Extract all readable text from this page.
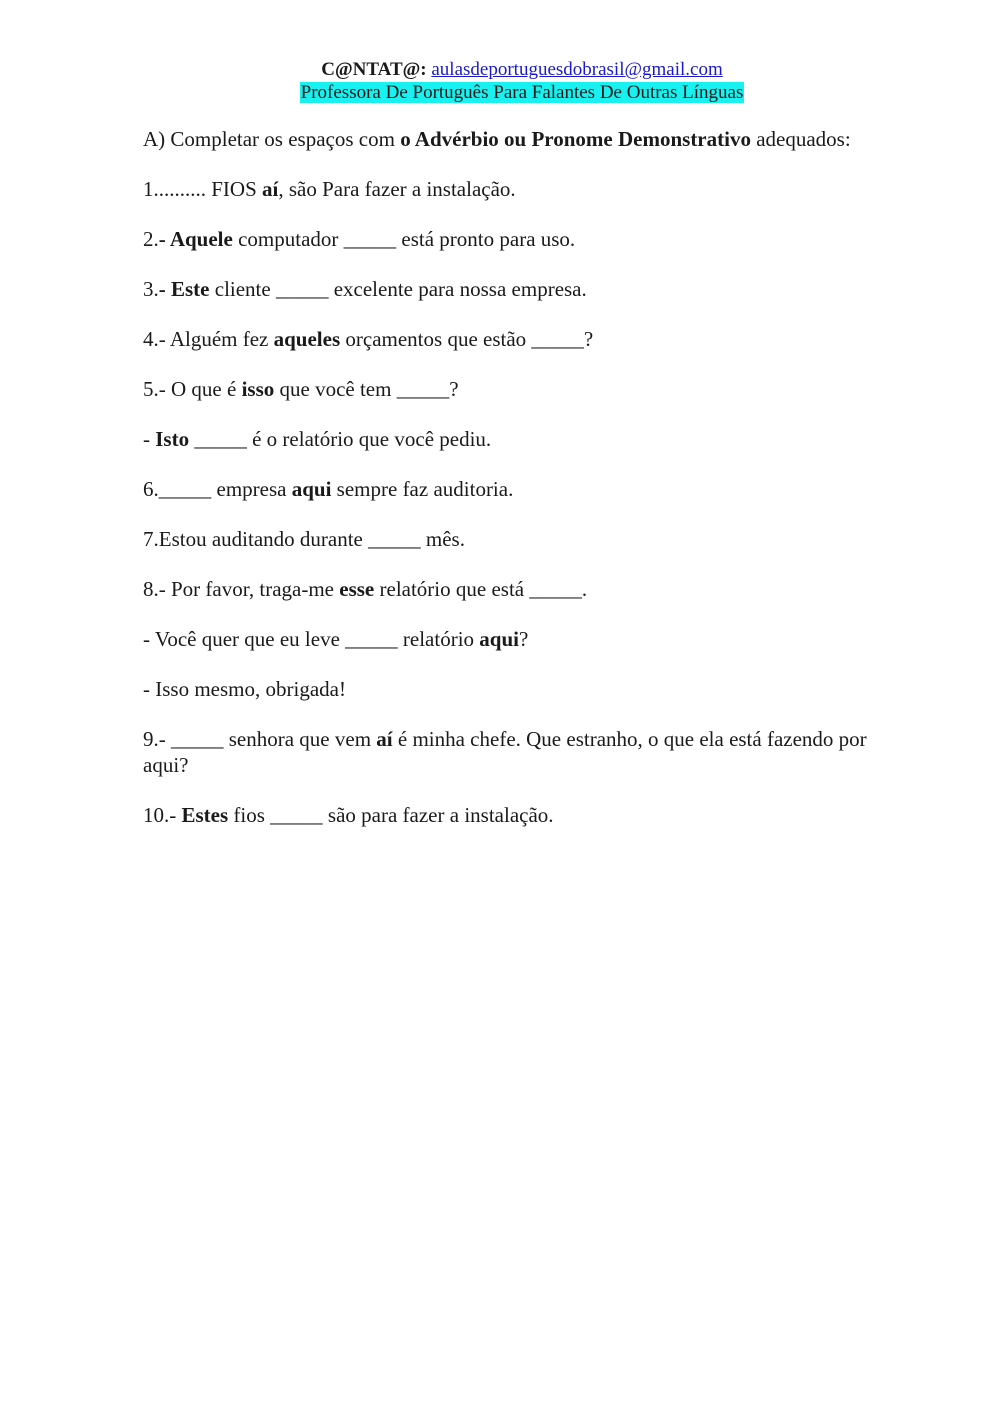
C@NTAT@: aulasdeportuguesdobrasil@gmail.com
Professora De Português Para Falantes De Outras Línguas

A) Completar os espaços com o Advérbio ou Pronome Demonstrativo adequados:

1.......... FIOS aí, são Para fazer a instalação.

2.- Aquele computador _____ está pronto para uso.

3.- Este cliente _____ excelente para nossa empresa.

4.- Alguém fez aqueles orçamentos que estão _____?

5.- O que é isso que você tem _____?

- Isto _____ é o relatório que você pediu.

6._____ empresa aqui sempre faz auditoria.

7.Estou auditando durante _____ mês.

8.- Por favor, traga-me esse relatório que está _____.

- Você quer que eu leve _____ relatório aqui?

- Isso mesmo, obrigada!

9.- _____ senhora que vem aí é minha chefe. Que estranho, o que ela está fazendo por aqui?

10.- Estes fios _____ são para fazer a instalação.
